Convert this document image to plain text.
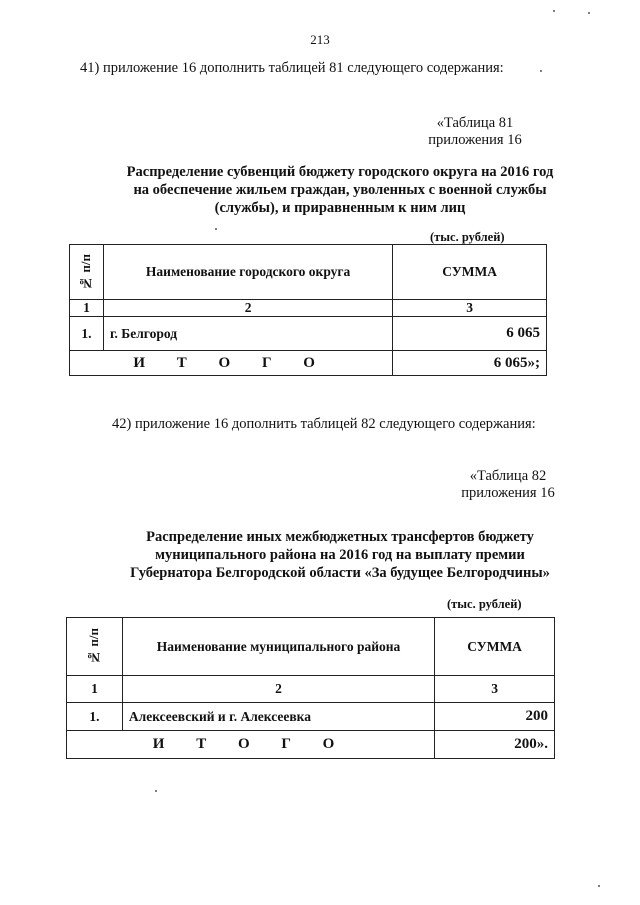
213
41) приложение 16 дополнить таблицей 81 следующего содержания:
«Таблица 81
приложения 16
Распределение субвенций бюджету городского округа на 2016 год
на обеспечение жильем граждан, уволенных с военной службы
(службы), и приравненным к ним лиц
(тыс. рублей)
№ п/п	Наименование городского округа	СУММА
1	2	3
1.	г. Белгород	6 065
И Т О Г О		6 065»;
42) приложение 16 дополнить таблицей 82 следующего содержания:
«Таблица 82
приложения 16
Распределение иных межбюджетных трансфертов бюджету
муниципального района на 2016 год на выплату премии
Губернатора Белгородской области «За будущее Белгородчины»
(тыс. рублей)
№ п/п	Наименование муниципального района	СУММА
1	2	3
1.	Алексеевский и г. Алексеевка	200
И Т О Г О		200».
